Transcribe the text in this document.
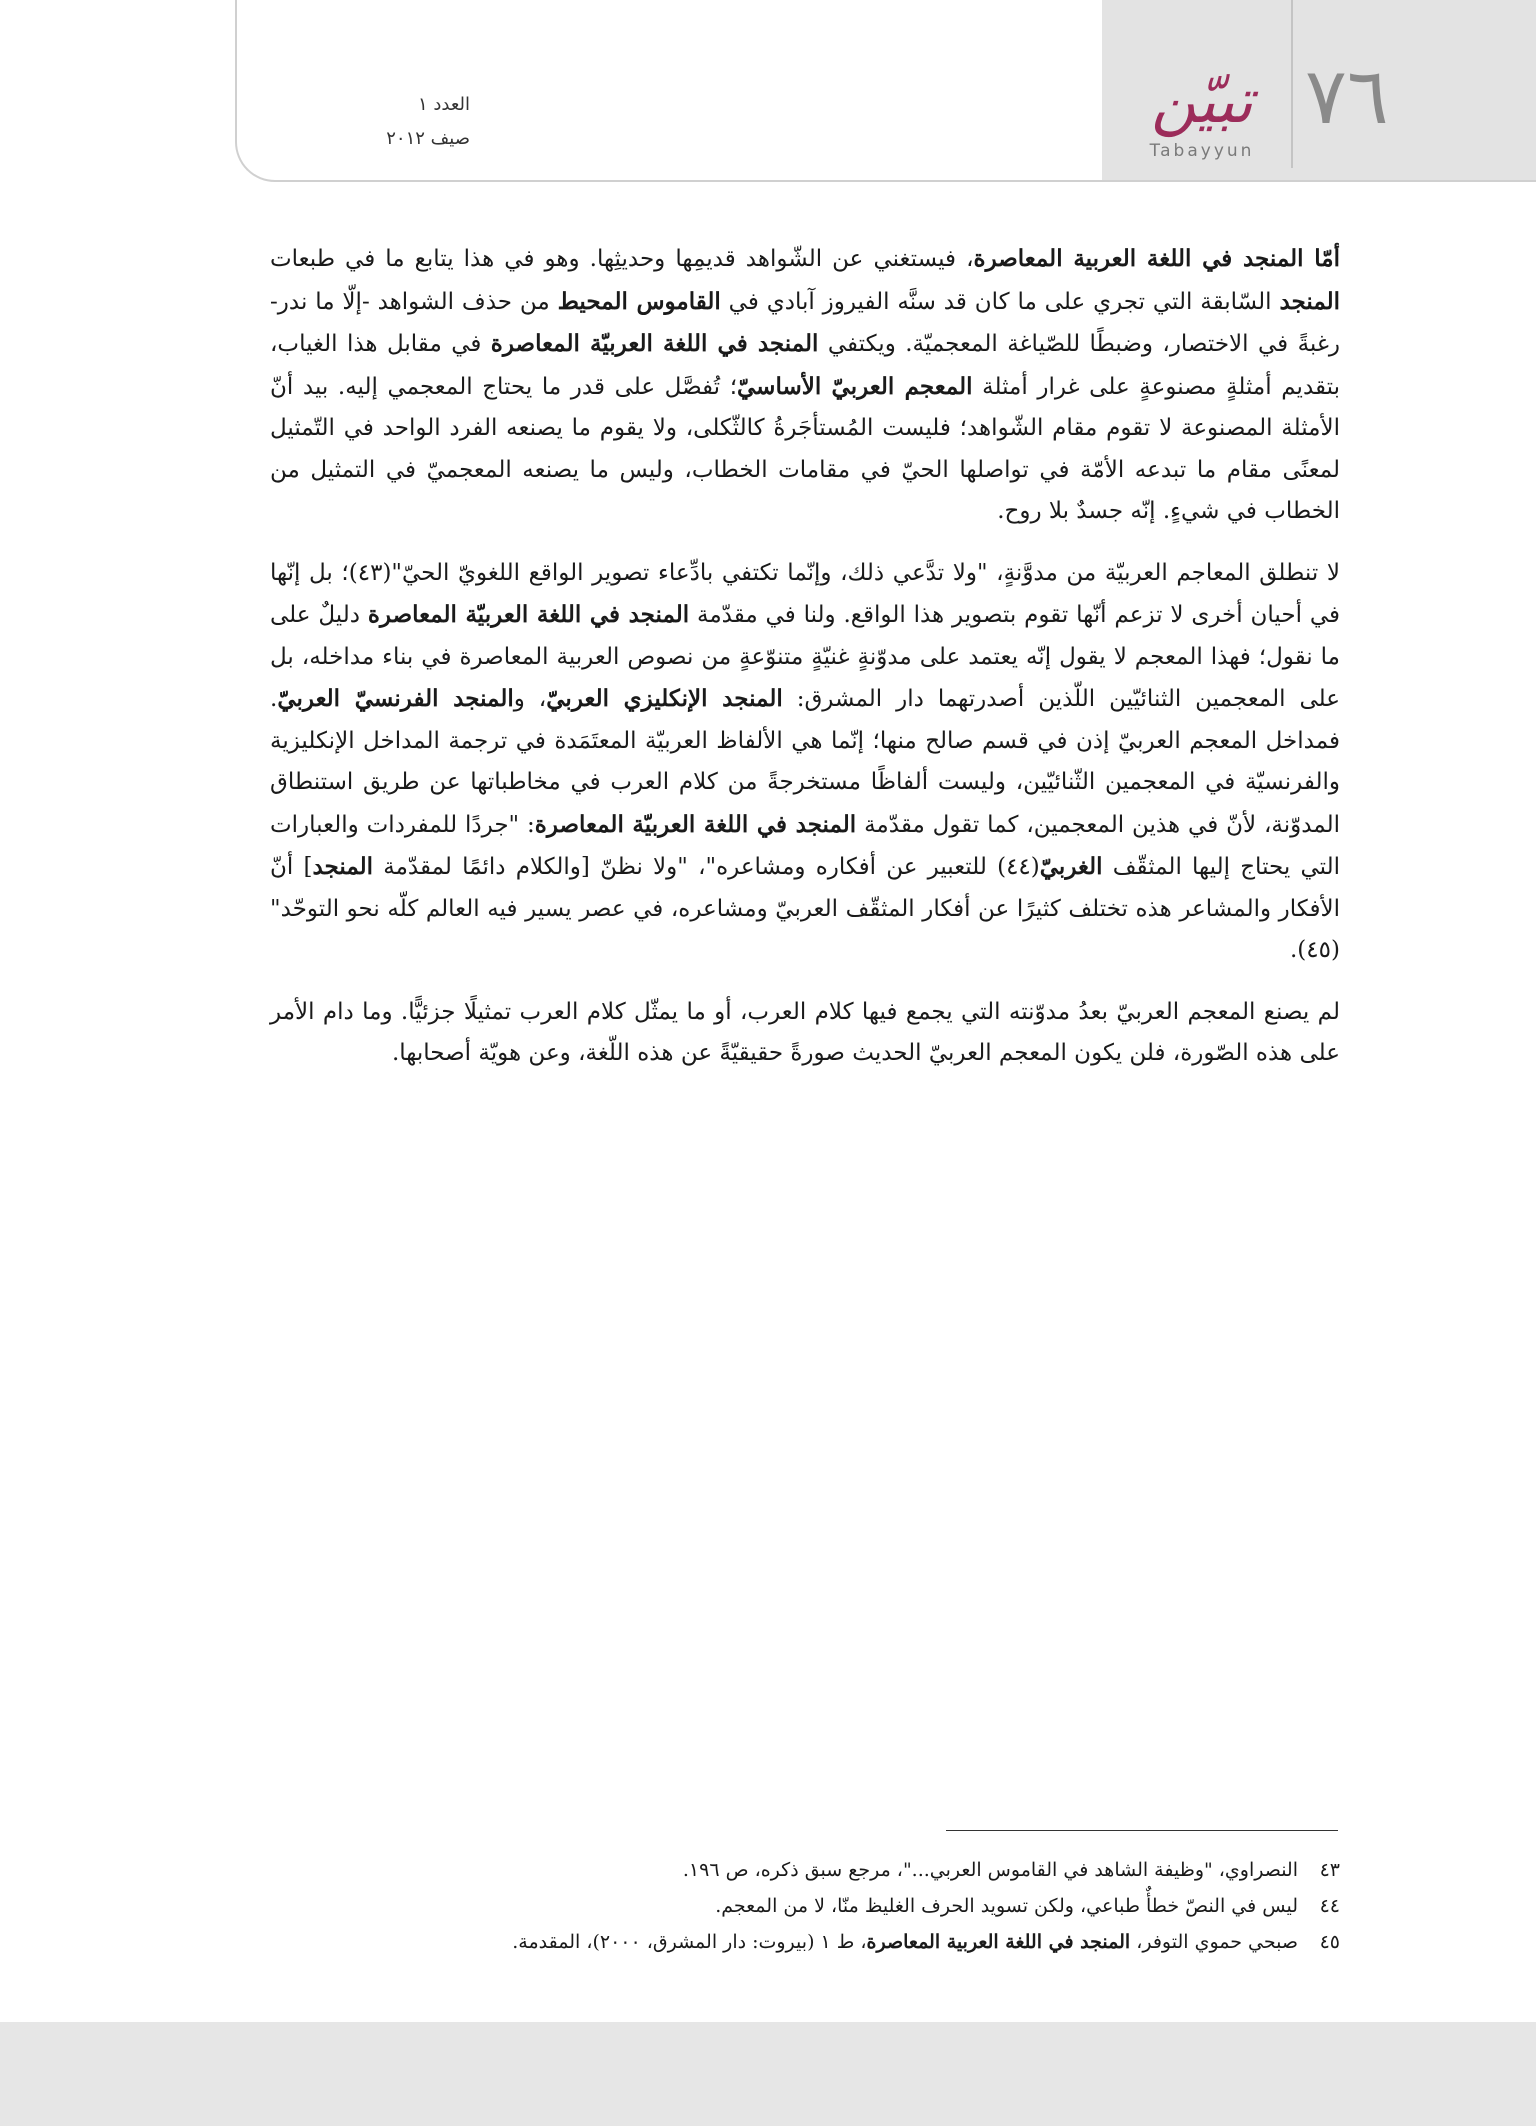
٧٦
تبيّن
Tabayyun
العدد ١
صيف ٢٠١٢

أمّا المنجد في اللغة العربية المعاصرة، فيستغني عن الشّواهد قديمِها وحديثِها. وهو في هذا يتابع ما في طبعات المنجد السّابقة التي تجري على ما كان قد سنَّه الفيروز آبادي في القاموس المحيط من حذف الشواهد -إلّا ما ندر- رغبةً في الاختصار، وضبطًا للصّياغة المعجميّة. ويكتفي المنجد في اللغة العربيّة المعاصرة في مقابل هذا الغياب، بتقديم أمثلةٍ مصنوعةٍ على غرار أمثلة المعجم العربيّ الأساسيّ؛ تُفصَّل على قدر ما يحتاج المعجمي إليه. بيد أنّ الأمثلة المصنوعة لا تقوم مقام الشّواهد؛ فليست المُستأجَرةُ كالثّكلى، ولا يقوم ما يصنعه الفرد الواحد في التّمثيل لمعنًى مقام ما تبدعه الأمّة في تواصلها الحيّ في مقامات الخطاب، وليس ما يصنعه المعجميّ في التمثيل من الخطاب في شيءٍ. إنّه جسدٌ بلا روح.

لا تنطلق المعاجم العربيّة من مدوَّنةٍ، "ولا تدَّعي ذلك، وإنّما تكتفي بادِّعاء تصوير الواقع اللغويّ الحيّ"(٤٣)؛ بل إنّها في أحيان أخرى لا تزعم أنّها تقوم بتصوير هذا الواقع. ولنا في مقدّمة المنجد في اللغة العربيّة المعاصرة دليلٌ على ما نقول؛ فهذا المعجم لا يقول إنّه يعتمد على مدوّنةٍ غنيّةٍ متنوّعةٍ من نصوص العربية المعاصرة في بناء مداخله، بل على المعجمين الثنائيّين اللّذين أصدرتهما دار المشرق: المنجد الإنكليزي العربيّ، والمنجد الفرنسيّ العربيّ. فمداخل المعجم العربيّ إذن في قسم صالح منها؛ إنّما هي الألفاظ العربيّة المعتَمَدة في ترجمة المداخل الإنكليزية والفرنسيّة في المعجمين الثّنائيّين، وليست ألفاظًا مستخرجةً من كلام العرب في مخاطباتها عن طريق استنطاق المدوّنة، لأنّ في هذين المعجمين، كما تقول مقدّمة المنجد في اللغة العربيّة المعاصرة: "جردًا للمفردات والعبارات التي يحتاج إليها المثقّف الغربيّ(٤٤) للتعبير عن أفكاره ومشاعره"، "ولا نظنّ [والكلام دائمًا لمقدّمة المنجد] أنّ الأفكار والمشاعر هذه تختلف كثيرًا عن أفكار المثقّف العربيّ ومشاعره، في عصر يسير فيه العالم كلّه نحو التوحّد"(٤٥).

لم يصنع المعجم العربيّ بعدُ مدوّنته التي يجمع فيها كلام العرب، أو ما يمثّل كلام العرب تمثيلًا جزئيًّا. وما دام الأمر على هذه الصّورة، فلن يكون المعجم العربيّ الحديث صورةً حقيقيّةً عن هذه اللّغة، وعن هويّة أصحابها.

٤٣
النصراوي، "وظيفة الشاهد في القاموس العربي..."، مرجع سبق ذكره، ص ١٩٦.
٤٤
ليس في النصّ خطأٌ طباعي، ولكن تسويد الحرف الغليظ منّا، لا من المعجم.
٤٥
صبحي حموي التوفر، المنجد في اللغة العربية المعاصرة، ط ١ (بيروت: دار المشرق، ٢٠٠٠)، المقدمة.
